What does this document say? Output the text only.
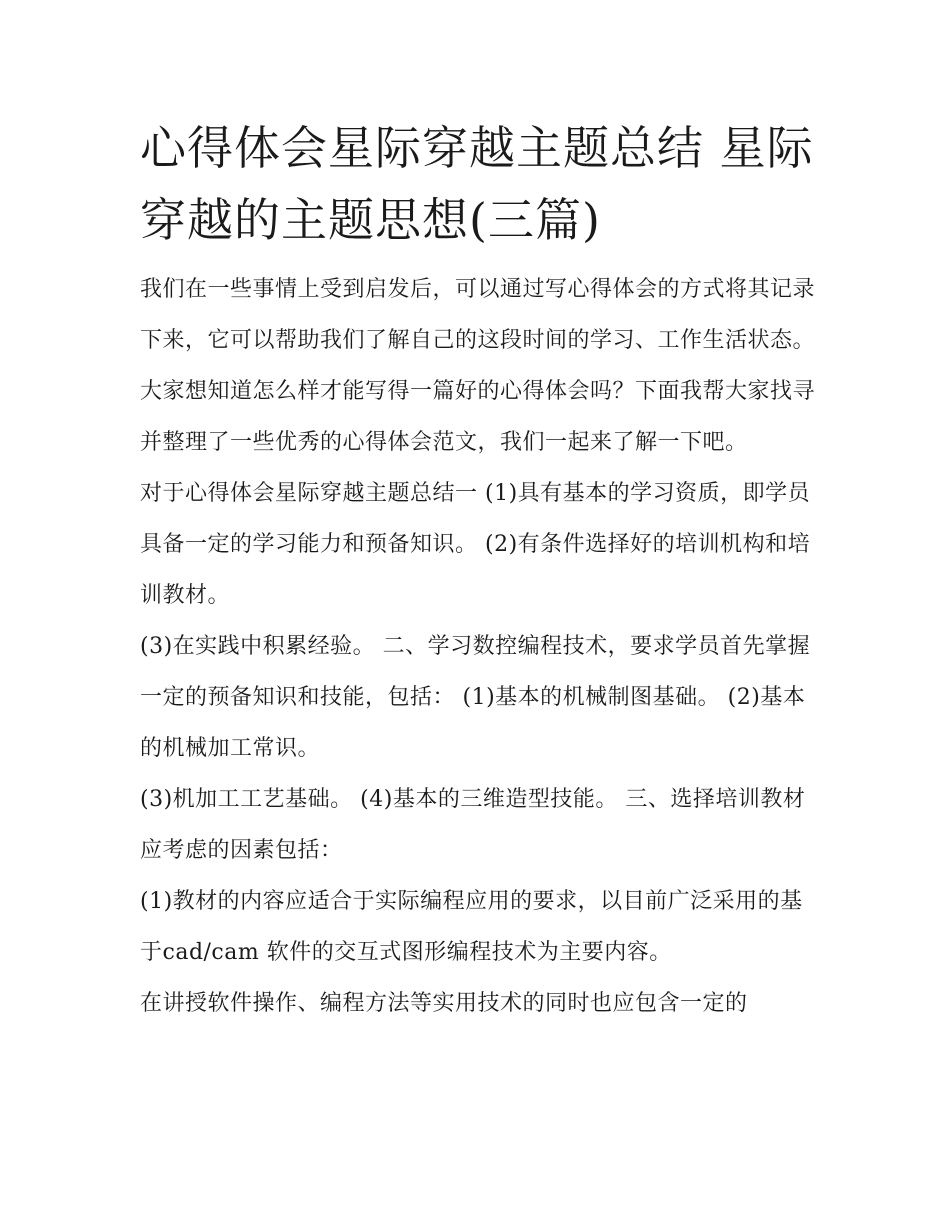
心得体会星际穿越主题总结 星际穿越的主题思想(三篇)

我们在一些事情上受到启发后，可以通过写心得体会的方式将其记录下来，它可以帮助我们了解自己的这段时间的学习、工作生活状态。大家想知道怎么样才能写得一篇好的心得体会吗？下面我帮大家找寻并整理了一些优秀的心得体会范文，我们一起来了解一下吧。

对于心得体会星际穿越主题总结一 (1)具有基本的学习资质，即学员具备一定的学习能力和预备知识。 (2)有条件选择好的培训机构和培训教材。

(3)在实践中积累经验。 二、学习数控编程技术，要求学员首先掌握一定的预备知识和技能，包括： (1)基本的机械制图基础。 (2)基本的机械加工常识。

(3)机加工工艺基础。 (4)基本的三维造型技能。 三、选择培训教材应考虑的因素包括：

(1)教材的内容应适合于实际编程应用的要求，以目前广泛采用的基于cad/cam 软件的交互式图形编程技术为主要内容。

在讲授软件操作、编程方法等实用技术的同时也应包含一定的
